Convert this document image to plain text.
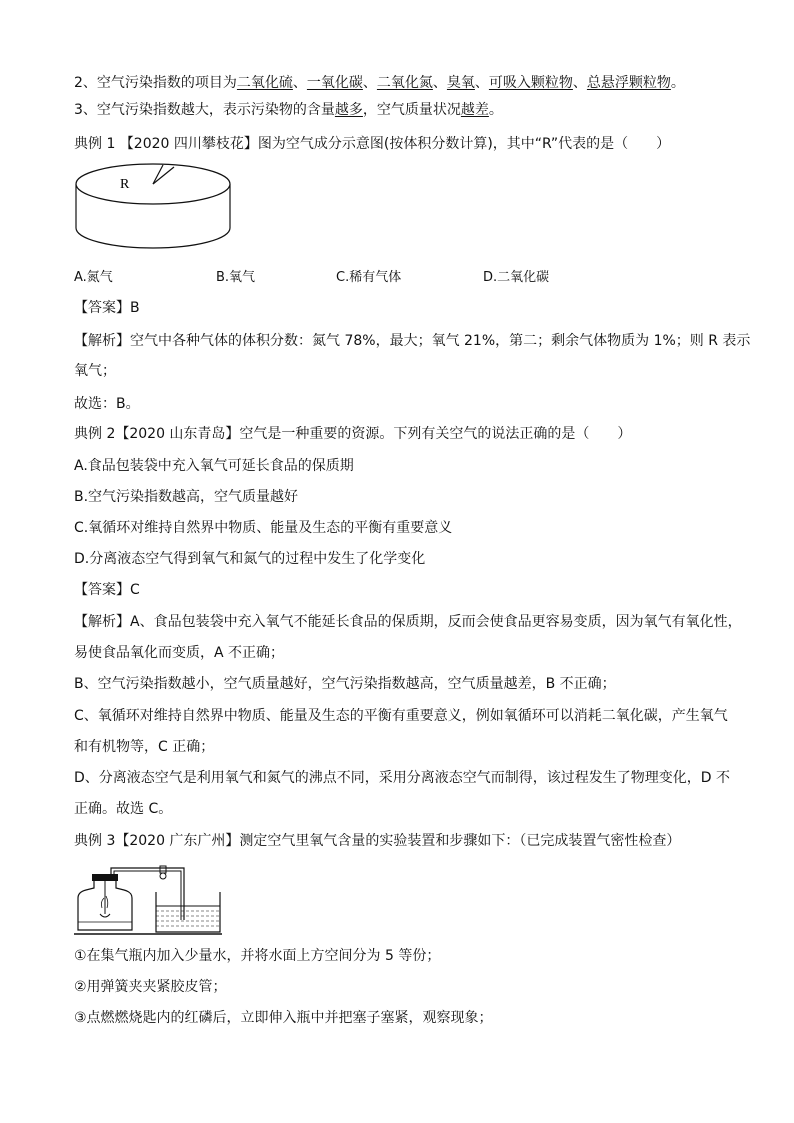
2、空气污染指数的项目为二氧化硫、一氧化碳、二氧化氮、臭氧、可吸入颗粒物、总悬浮颗粒物。
3、空气污染指数越大，表示污染物的含量越多，空气质量状况越差。
典例 1 【2020 四川攀枝花】图为空气成分示意图(按体积分数计算)，其中“R”代表的是（　　）
R
A.氮气	B.氧气	C.稀有气体	D.二氧化碳
【答案】B
【解析】空气中各种气体的体积分数：氮气 78%，最大；氧气 21%，第二；剩余气体物质为 1%；则 R 表示
氧气；
故选：B。
典例 2【2020 山东青岛】空气是一种重要的资源。下列有关空气的说法正确的是（　　）
A.食品包装袋中充入氧气可延长食品的保质期
B.空气污染指数越高，空气质量越好
C.氧循环对维持自然界中物质、能量及生态的平衡有重要意义
D.分离液态空气得到氧气和氮气的过程中发生了化学变化
【答案】C
【解析】A、食品包装袋中充入氧气不能延长食品的保质期，反而会使食品更容易变质，因为氧气有氧化性，
易使食品氧化而变质，A 不正确；
B、空气污染指数越小，空气质量越好，空气污染指数越高，空气质量越差，B 不正确；
C、氧循环对维持自然界中物质、能量及生态的平衡有重要意义，例如氧循环可以消耗二氧化碳，产生氧气
和有机物等，C 正确；
D、分离液态空气是利用氧气和氮气的沸点不同，采用分离液态空气而制得，该过程发生了物理变化，D 不
正确。故选 C。
典例 3【2020 广东广州】测定空气里氧气含量的实验装置和步骤如下：（已完成装置气密性检查）
①在集气瓶内加入少量水，并将水面上方空间分为 5 等份；
②用弹簧夹夹紧胶皮管；
③点燃燃烧匙内的红磷后，立即伸入瓶中并把塞子塞紧，观察现象；
